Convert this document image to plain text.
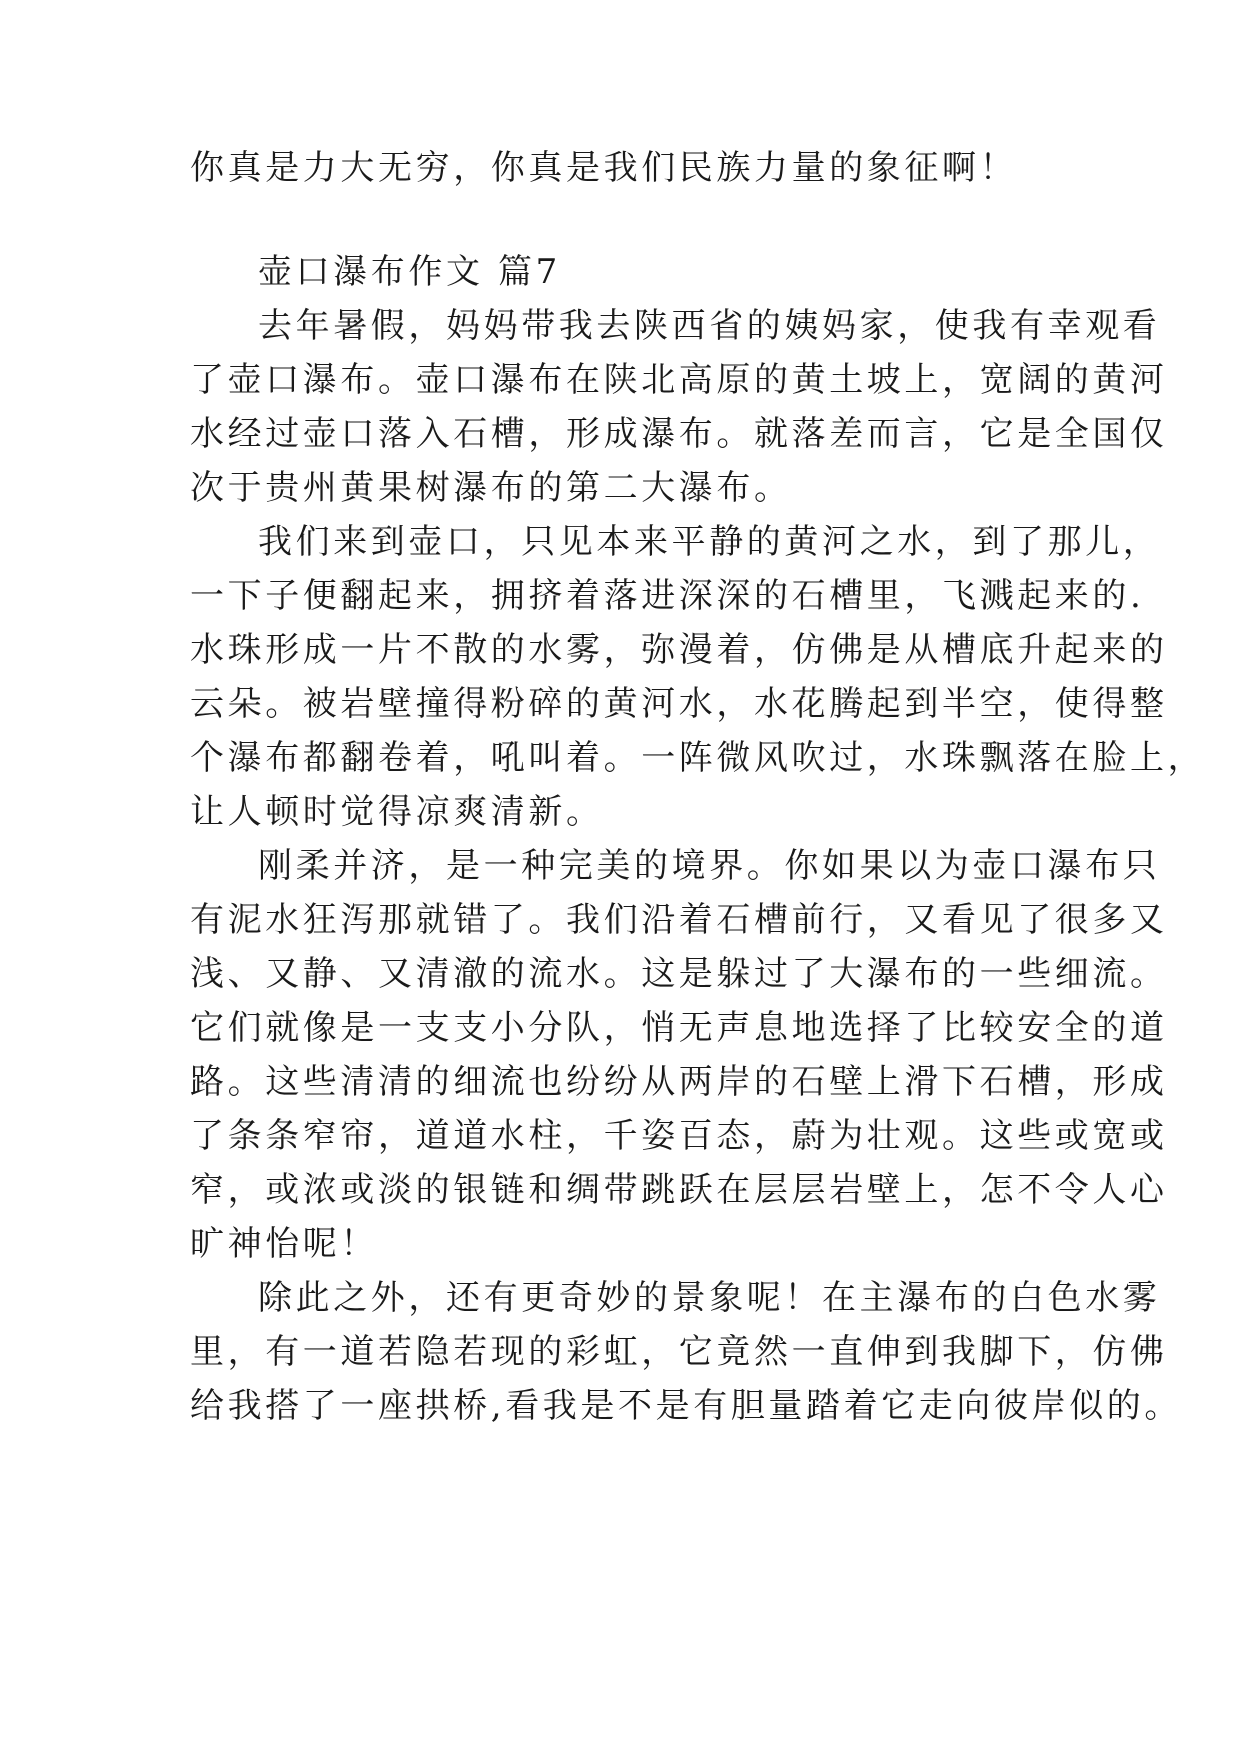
你真是力大无穷，你真是我们民族力量的象征啊！
壶口瀑布作文 篇7
去年暑假，妈妈带我去陕西省的姨妈家，使我有幸观看
了壶口瀑布。壶口瀑布在陕北高原的黄土坡上，宽阔的黄河
水经过壶口落入石槽，形成瀑布。就落差而言，它是全国仅
次于贵州黄果树瀑布的第二大瀑布。
我们来到壶口，只见本来平静的黄河之水，到了那儿，
一下子便翻起来，拥挤着落进深深的石槽里，飞溅起来的.
水珠形成一片不散的水雾，弥漫着，仿佛是从槽底升起来的
云朵。被岩壁撞得粉碎的黄河水，水花腾起到半空，使得整
个瀑布都翻卷着，吼叫着。一阵微风吹过，水珠飘落在脸上，
让人顿时觉得凉爽清新。
刚柔并济，是一种完美的境界。你如果以为壶口瀑布只
有泥水狂泻那就错了。我们沿着石槽前行，又看见了很多又
浅、又静、又清澈的流水。这是躲过了大瀑布的一些细流。
它们就像是一支支小分队，悄无声息地选择了比较安全的道
路。这些清清的细流也纷纷从两岸的石壁上滑下石槽，形成
了条条窄帘，道道水柱，千姿百态，蔚为壮观。这些或宽或
窄，或浓或淡的银链和绸带跳跃在层层岩壁上，怎不令人心
旷神怡呢！
除此之外，还有更奇妙的景象呢！在主瀑布的白色水雾
里，有一道若隐若现的彩虹，它竟然一直伸到我脚下，仿佛
给我搭了一座拱桥,看我是不是有胆量踏着它走向彼岸似的。
